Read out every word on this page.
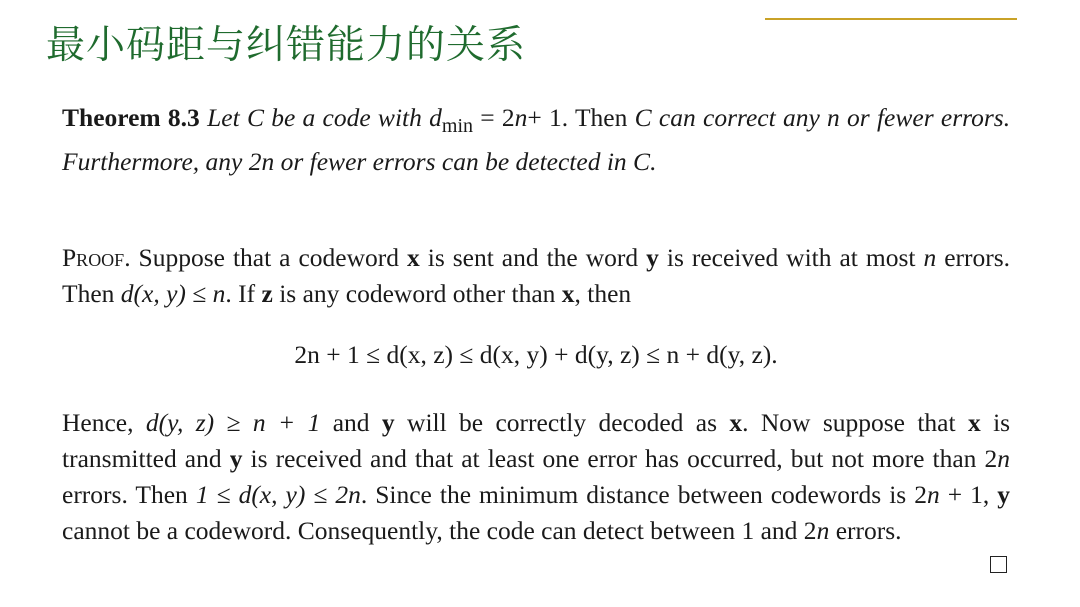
最小码距与纠错能力的关系
Theorem 8.3 Let C be a code with $d_{min} = 2n+ 1$. Then C can correct any n or fewer errors. Furthermore, any 2n or fewer errors can be detected in C.
Proof. Suppose that a codeword x is sent and the word y is received with at most n errors. Then d(x, y) ≤ n. If z is any codeword other than x, then
2n + 1 ≤ d(x, z) ≤ d(x, y) + d(y, z) ≤ n + d(y, z).
Hence, d(y, z) ≥ n + 1 and y will be correctly decoded as x. Now suppose that x is transmitted and y is received and that at least one error has occurred, but not more than 2n errors. Then 1 ≤ d(x, y) ≤ 2n. Since the minimum distance between codewords is 2n + 1, y cannot be a codeword. Consequently, the code can detect between 1 and 2n errors.
